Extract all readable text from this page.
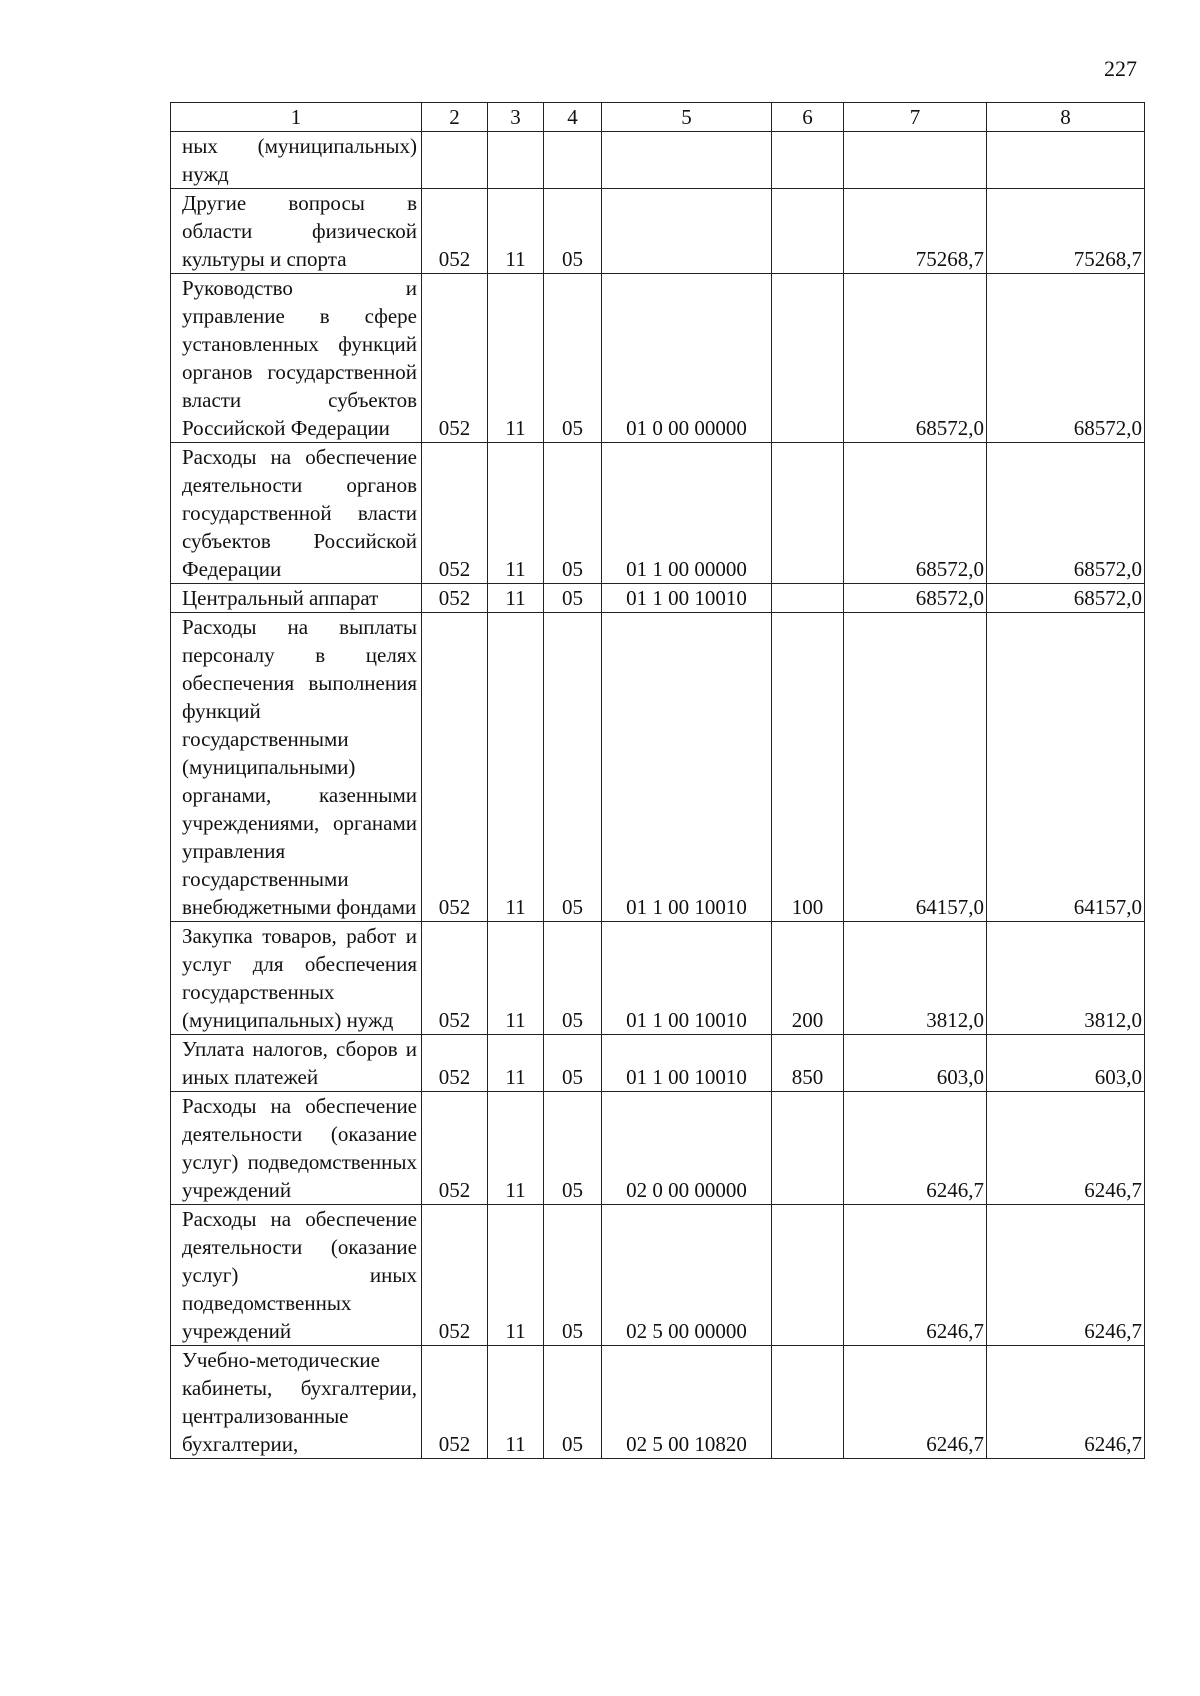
227
1	2	3	4	5	6	7	8
ных (муниципальных) нужд							
Другие вопросы в области физической культуры и спорта	052	11	05			75268,7	75268,7
Руководство и управление в сфере установленных функций органов государственной власти субъектов Российской Федерации	052	11	05	01 0 00 00000		68572,0	68572,0
Расходы на обеспечение деятельности органов государственной власти субъектов Российской Федерации	052	11	05	01 1 00 00000		68572,0	68572,0
Центральный аппарат	052	11	05	01 1 00 10010		68572,0	68572,0
Расходы на выплаты персоналу в целях обеспечения выполнения функций государственными (муниципальными) органами, казенными учреждениями, органами управления государственными внебюджетными фондами	052	11	05	01 1 00 10010	100	64157,0	64157,0
Закупка товаров, работ и услуг для обеспечения государственных (муниципальных) нужд	052	11	05	01 1 00 10010	200	3812,0	3812,0
Уплата налогов, сборов и иных платежей	052	11	05	01 1 00 10010	850	603,0	603,0
Расходы на обеспечение деятельности (оказание услуг) подведомственных учреждений	052	11	05	02 0 00 00000		6246,7	6246,7
Расходы на обеспечение деятельности (оказание услуг) иных подведомственных учреждений	052	11	05	02 5 00 00000		6246,7	6246,7
Учебно-методические кабинеты, бухгалтерии, централизованные бухгалтерии,	052	11	05	02 5 00 10820		6246,7	6246,7
